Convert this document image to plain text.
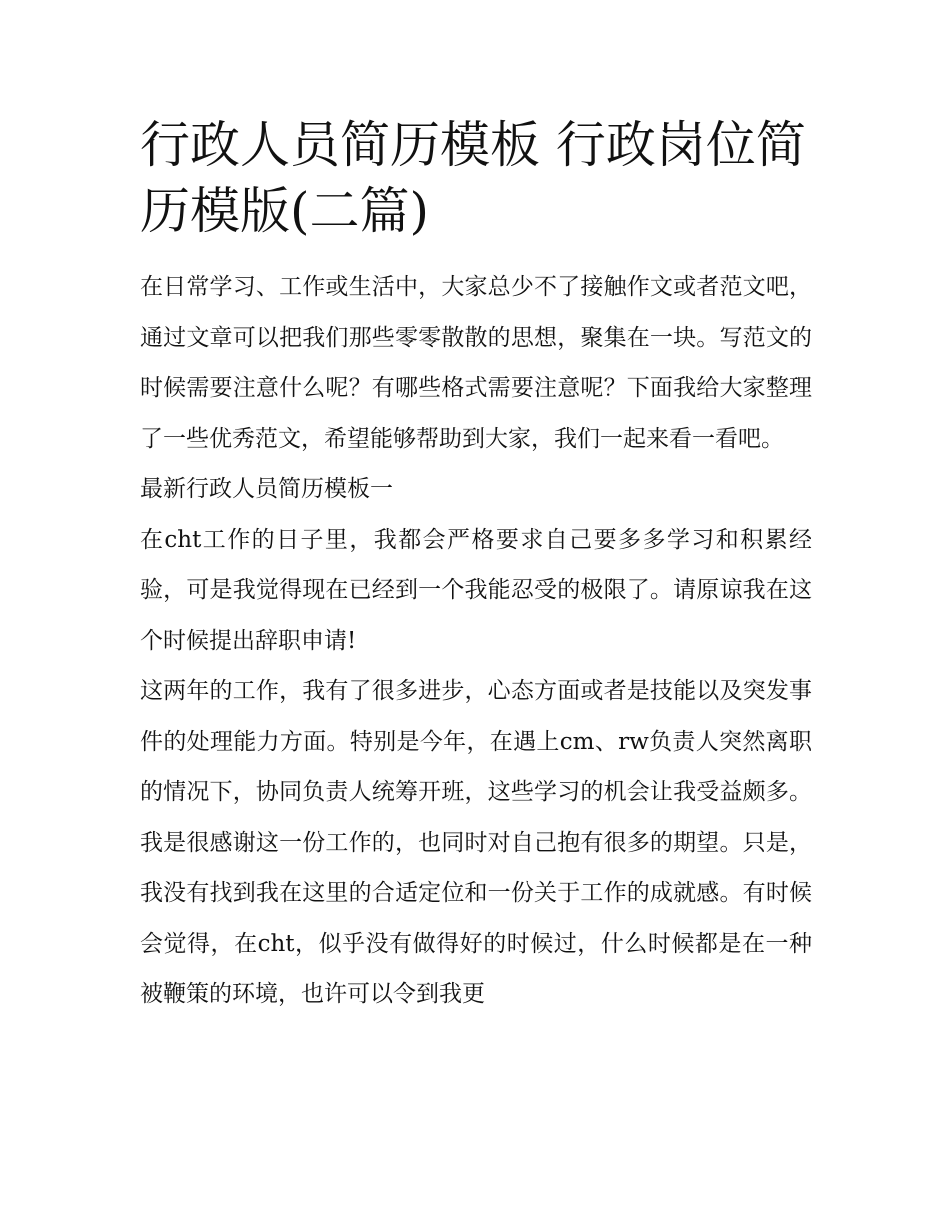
行政人员简历模板 行政岗位简历模版(二篇)

在日常学习、工作或生活中，大家总少不了接触作文或者范文吧，通过文章可以把我们那些零零散散的思想，聚集在一块。写范文的时候需要注意什么呢？有哪些格式需要注意呢？下面我给大家整理了一些优秀范文，希望能够帮助到大家，我们一起来看一看吧。

最新行政人员简历模板一

在cht工作的日子里，我都会严格要求自己要多多学习和积累经验，可是我觉得现在已经到一个我能忍受的极限了。请原谅我在这个时候提出辞职申请!

这两年的工作，我有了很多进步，心态方面或者是技能以及突发事件的处理能力方面。特别是今年，在遇上cm、rw负责人突然离职的情况下，协同负责人统筹开班，这些学习的机会让我受益颇多。我是很感谢这一份工作的，也同时对自己抱有很多的期望。只是，我没有找到我在这里的合适定位和一份关于工作的成就感。有时候会觉得，在cht，似乎没有做得好的时候过，什么时候都是在一种被鞭策的环境，也许可以令到我更
